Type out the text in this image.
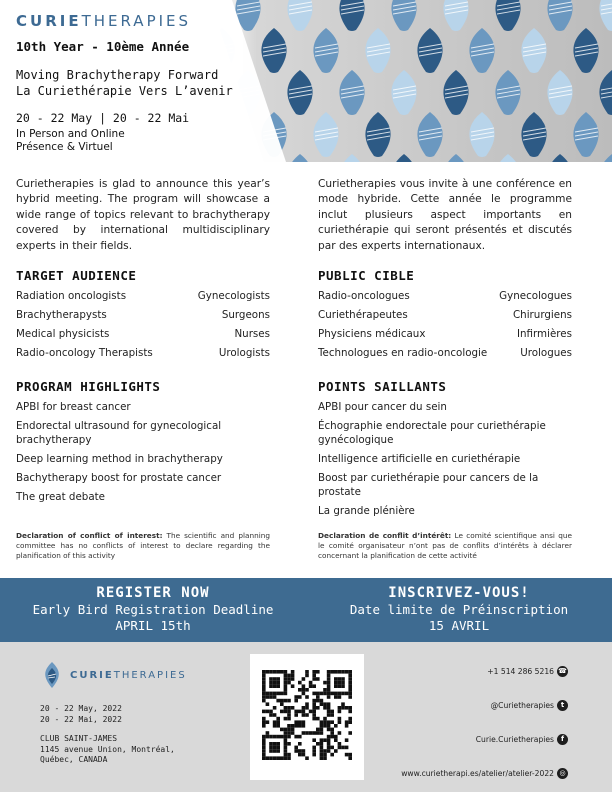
CURIETHERAPIES
10th Year - 10ème Année
Moving Brachytherapy Forward
La Curiethérapie Vers L’avenir
20 - 22 May | 20 - 22 Mai
In Person and Online
Présence & Virtuel

Curietherapies is glad to announce this year’s hybrid meeting. The program will showcase a wide range of topics relevant to brachytherapy covered by international multidisciplinary experts in their fields.

TARGET AUDIENCE
Radiation oncologists	Gynecologists
Brachytherapysts	Surgeons
Medical physicists	Nurses
Radio-oncology Therapists	Urologists
PROGRAM HIGHLIGHTS
APBI for breast cancer
Endorectal ultrasound for gynecological brachytherapy
Deep learning method in brachytherapy
Bachytherapy boost for prostate cancer
The great debate
Declaration of conflict of interest: The scientific and planning committee has no conflicts of interest to declare regarding the planification of this activity

Curietherapies vous invite à une conférence en mode hybride. Cette année le programme inclut plusieurs aspect importants en curiethérapie qui seront présentés et discutés par des experts internationaux.

PUBLIC CIBLE
Radio-oncologues	Gynecologues
Curiethérapeutes	Chirurgiens
Physiciens médicaux	Infirmières
Technologues en radio-oncologie	Urologues
POINTS SAILLANTS
APBI pour cancer du sein
Échographie endorectale pour curiethérapie gynécologique
Intelligence artificielle en curiethérapie
Boost par curiethérapie pour cancers de la prostate
La grande plénière
Declaration de conflit d’intérêt: Le comité scientifique ansi que le comité organisateur n’ont pas de conflits d’intérêts à déclarer concernant la planification de cette activité
REGISTER NOW
Early Bird Registration Deadline
APRIL 15th
INSCRIVEZ-VOUS!
Date limite de Préinscription
15 AVRIL
CURIETHERAPIES
20 - 22 May, 2022
20 - 22 Mai, 2022
CLUB SAINT-JAMES
1145 avenue Union, Montréal,
Québec, CANADA
+1 514 286 5216 ☎
@Curietherapies t
Curie.Curietherapies f
www.curietherapi.es/atelier/atelier-2022 ◎
